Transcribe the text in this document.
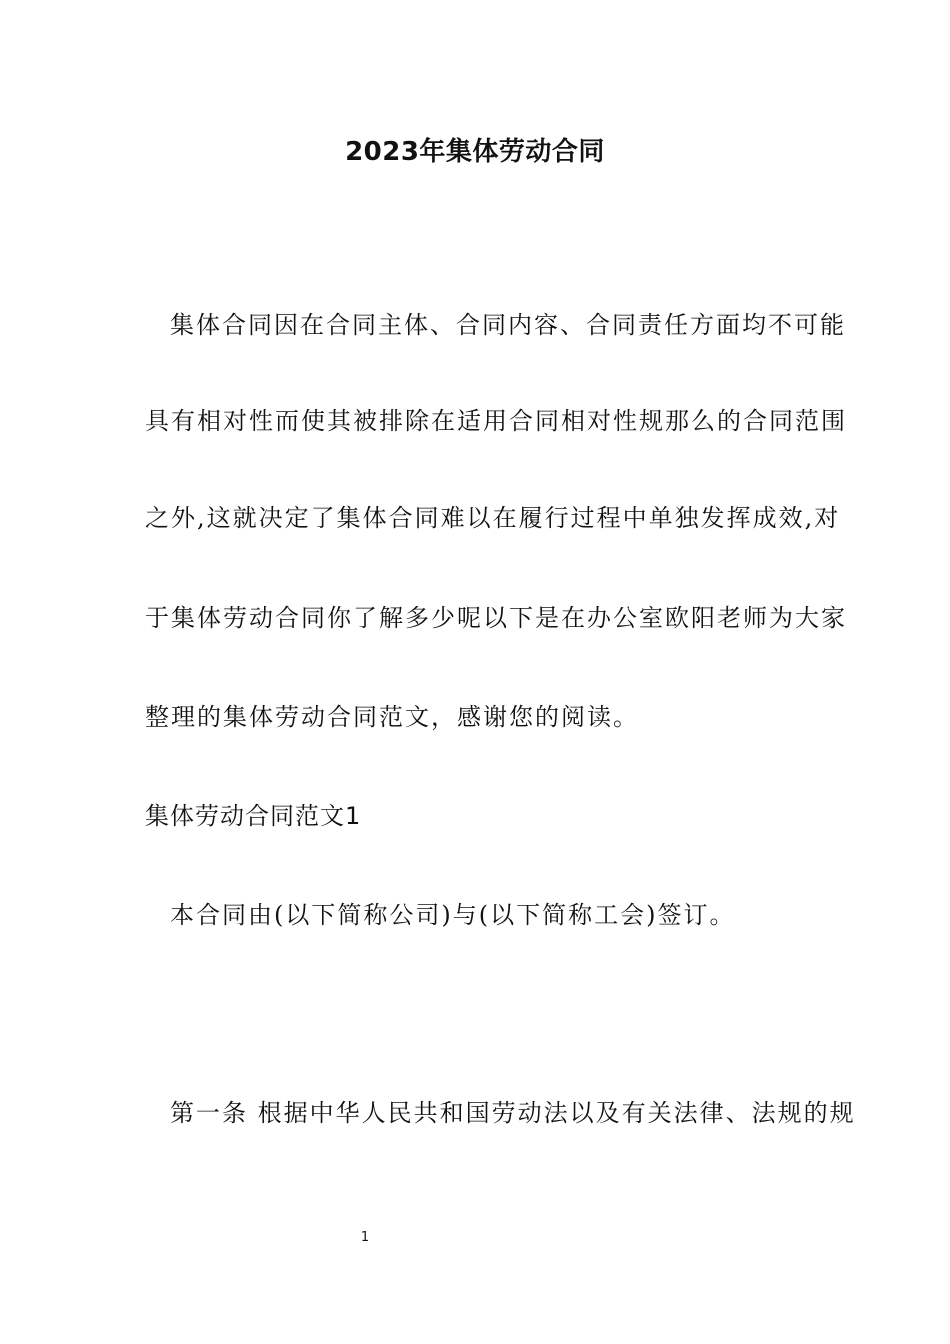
2023年集体劳动合同
集体合同因在合同主体、合同内容、合同责任方面均不可能
具有相对性而使其被排除在适用合同相对性规那么的合同范围
之外,这就决定了集体合同难以在履行过程中单独发挥成效,对
于集体劳动合同你了解多少呢以下是在办公室欧阳老师为大家
整理的集体劳动合同范文，感谢您的阅读。
集体劳动合同范文1
本合同由(以下简称公司)与(以下简称工会)签订。
第一条 根据中华人民共和国劳动法以及有关法律、法规的规
1
